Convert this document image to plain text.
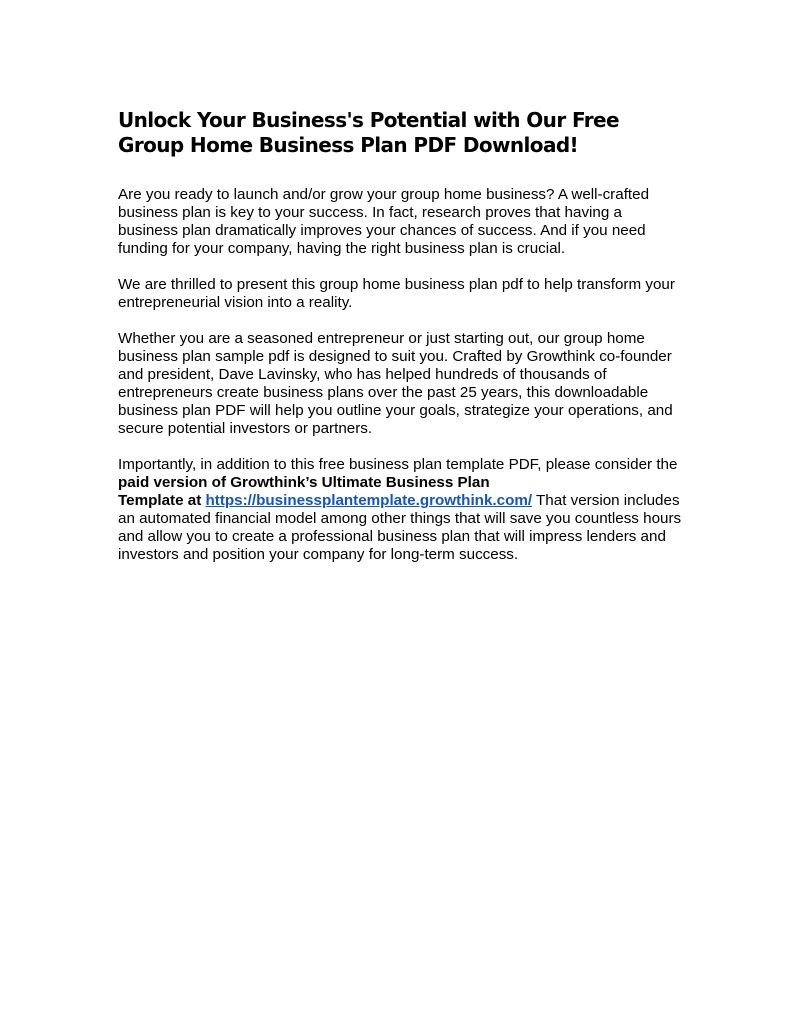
Unlock Your Business's Potential with Our Free Group Home Business Plan PDF Download!

Are you ready to launch and/or grow your group home business? A well-crafted business plan is key to your success. In fact, research proves that having a business plan dramatically improves your chances of success. And if you need funding for your company, having the right business plan is crucial.

We are thrilled to present this group home business plan pdf to help transform your entrepreneurial vision into a reality.

Whether you are a seasoned entrepreneur or just starting out, our group home business plan sample pdf is designed to suit you. Crafted by Growthink co-founder and president, Dave Lavinsky, who has helped hundreds of thousands of entrepreneurs create business plans over the past 25 years, this downloadable business plan PDF will help you outline your goals, strategize your operations, and secure potential investors or partners.

Importantly, in addition to this free business plan template PDF, please consider the paid version of Growthink’s Ultimate Business Plan
Template at https://businessplantemplate.growthink.com/ That version includes an automated financial model among other things that will save you countless hours and allow you to create a professional business plan that will impress lenders and investors and position your company for long-term success.
